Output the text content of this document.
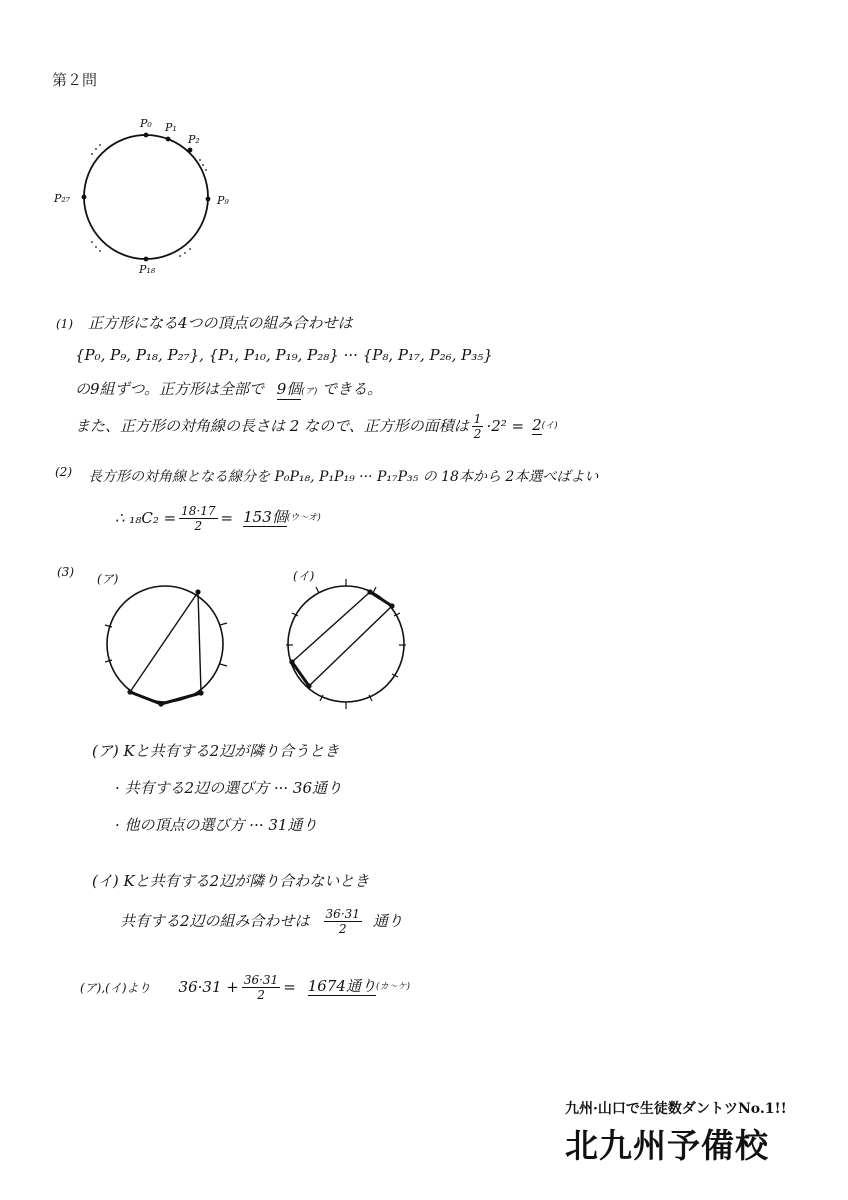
第２問
P₀ P₁
P₂
P₉
P₁₈
P₂₇
(1) 正方形になる4つの頂点の組み合わせは
{P₀, P₉, P₁₈, P₂₇}, {P₁, P₁₀, P₁₉, P₂₈} ··· {P₈, P₁₇, P₂₆, P₃₅}
の9組ずつ。正方形は全部で 9個(ア) できる。
また、正方形の対角線の長さは 2 なので、正方形の面積は $\frac{1}{2} \cdot 2^2 = 2$ (イ)
(2) 長方形の対角線となる線分を P₀P₁₈, P₁P₁₉ ··· P₁₇P₃₅ の 18本から 2本選べばよい
∴ $_{18}C_2 = \frac{18\cdot 17}{2} = 153$個 (ウ〜オ)
(3) (ア)	(イ)
(ア) Kと共有する2辺が隣り合うとき
· 共有する2辺の選び方 ··· 36通り
· 他の頂点の選び方 ··· 31通り
(イ) Kと共有する2辺が隣り合わないとき
共有する2辺の組み合わせは $\frac{36\cdot 31}{2}$ 通り
(ア),(イ)より $36\cdot 31 + \frac{36\cdot 31}{2} = 1674$通り (カ〜ケ)
九州·山口で生徒数ダントツNo.1!!
北九州予備校
